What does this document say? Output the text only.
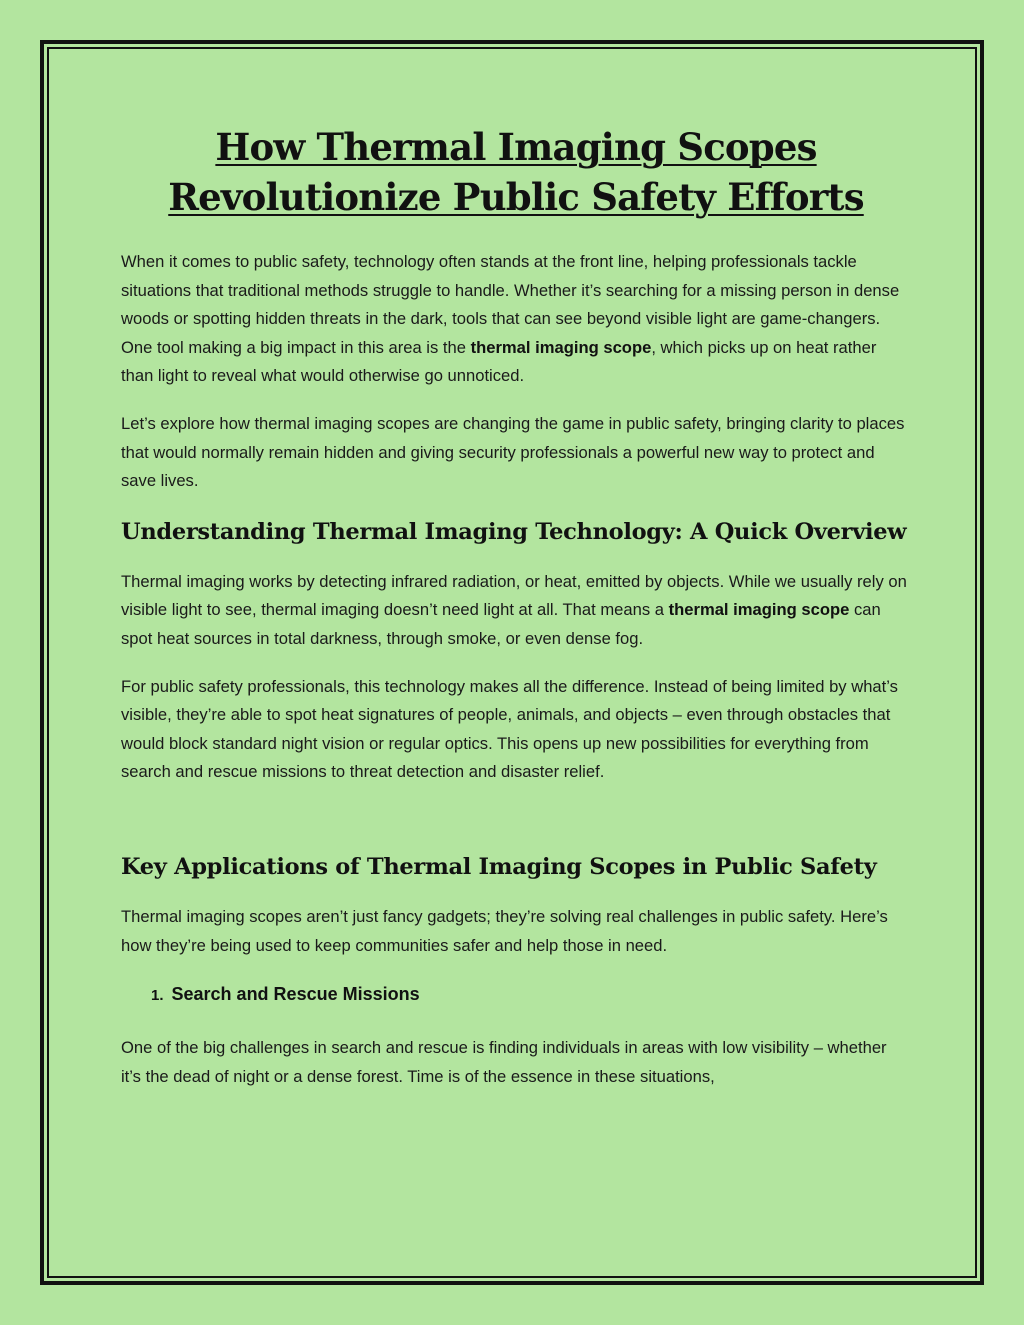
How Thermal Imaging Scopes
Revolutionize Public Safety Efforts

When it comes to public safety, technology often stands at the front line, helping professionals tackle situations that traditional methods struggle to handle. Whether it’s searching for a missing person in dense woods or spotting hidden threats in the dark, tools that can see beyond visible light are game-changers. One tool making a big impact in this area is the thermal imaging scope, which picks up on heat rather than light to reveal what would otherwise go unnoticed.

Let’s explore how thermal imaging scopes are changing the game in public safety, bringing clarity to places that would normally remain hidden and giving security professionals a powerful new way to protect and save lives.

Understanding Thermal Imaging Technology: A Quick Overview

Thermal imaging works by detecting infrared radiation, or heat, emitted by objects. While we usually rely on visible light to see, thermal imaging doesn’t need light at all. That means a thermal imaging scope can spot heat sources in total darkness, through smoke, or even dense fog.

For public safety professionals, this technology makes all the difference. Instead of being limited by what’s visible, they’re able to spot heat signatures of people, animals, and objects – even through obstacles that would block standard night vision or regular optics. This opens up new possibilities for everything from search and rescue missions to threat detection and disaster relief.

Key Applications of Thermal Imaging Scopes in Public Safety

Thermal imaging scopes aren’t just fancy gadgets; they’re solving real challenges in public safety. Here’s how they’re being used to keep communities safer and help those in need.

1. Search and Rescue Missions

One of the big challenges in search and rescue is finding individuals in areas with low visibility – whether it’s the dead of night or a dense forest. Time is of the essence in these situations,
